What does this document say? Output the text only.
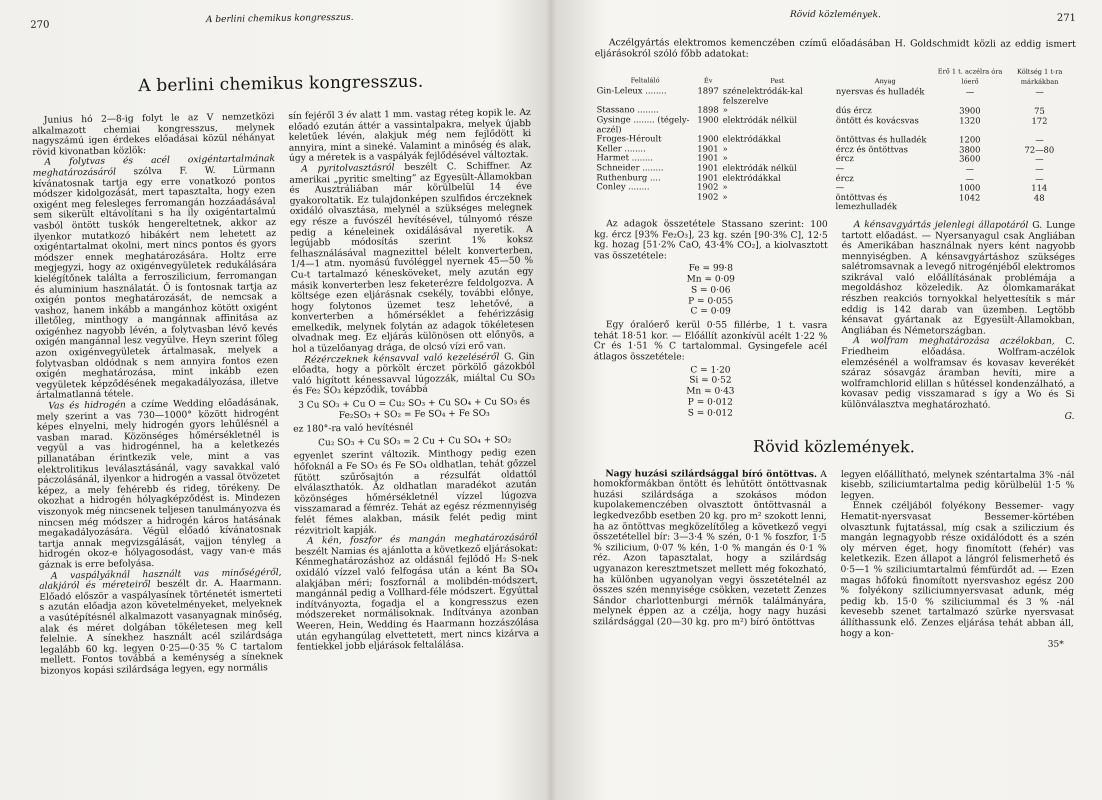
270
A berlini chemikus kongresszus.
A berlini chemikus kongresszus.

Junius hó 2—8-ig folyt le az V nemzetközi alkalmazott chemiai kongresszus, melynek nagyszámú igen érdekes előadásai közül néhányat rövid kivonatban közlök:

A folytvas és acél oxigéntartalmának meghatározásáról szólva F. W. Lürmann kívánatosnak tartja egy erre vonatkozó pontos módszer kidolgozását, mert tapasztalta, hogy ezen oxigént meg felesleges ferromangán hozzáadásával sem sikerült eltávolítani s ha ily oxigéntartalmú vasból öntött tuskók hengereltetnek, akkor az ilyenkor mutatkozó hibákért nem lehetett az oxigéntartalmat okolni, mert nincs pontos és gyors módszer ennek meghatározására. Holtz erre megjegyzi, hogy az oxigénvegyületek redukálására kielégítőnek találta a ferroszilicium, ferromangan és aluminium használatát. Ő is fontosnak tartja az oxigén pontos meghatározását, de nemcsak a vashoz, hanem inkább a mangánhoz kötött oxigént illetőleg, minthogy a mangánnak affinitása az oxigénhez nagyobb lévén, a folytvasban lévő kevés oxigén mangánnal lesz vegyülve. Heyn szerint főleg azon oxigénvegyületek ártalmasak, melyek a folytvasban oldódnak s nem annyira fontos ezen oxigén meghatározása, mint inkább ezen vegyületek képződésének megakadályozása, illetve ártalmatlanná tétele.

Vas és hidrogén a czíme Wedding előadásának, mely szerint a vas 730—1000° között hidrogént képes elnyelni, mely hidrogén gyors lehűlésnél a vasban marad. Közönséges hőmérsékletnél is vegyül a vas hidrogénnel, ha a keletkezés pillanatában érintkezik vele, mint a vas elektrolitikus leválasztásánál, vagy savakkal való páczolásánál, ilyenkor a hidrogén a vassal ötvözetet képez, a mely fehérebb és rideg, törékeny. De okozhat a hidrogén hólyagképződést is. Mindezen viszonyok még nincsenek teljesen tanulmányozva és nincsen még módszer a hidrogén káros hatásának megakadályozására. Végül előadó kívánatosnak tartja annak megvizsgálását, vajjon tényleg a hidrogén okoz-e hólyagosodást, vagy van-e más gáznak is erre befolyása.

A vaspályáknál használt vas minőségéről, alakjáról és méreteiről beszélt dr. A. Haarmann. Előadó először a vaspályasínek történetét ismerteti s azután előadja azon követelményeket, melyeknek a vasútépítésnél alkalmazott vasanyagnak minőség, alak és méret dolgában tökéletesen meg kell felelnie. A sínekhez használt acél szilárdsága legalább 60 kg. legyen 0·25—0·35 % C tartalom mellett. Fontos továbbá a keménység a síneknek bizonyos kopási szilárdsága legyen, egy normális

sín fejéről 3 év alatt 1 mm. vastag réteg kopik le. Az előadó ezután áttér a vassintalpakra, melyek újabb keletűek lévén, alakjuk még nem fejlődött ki annyira, mint a sineké. Valamint a minőség és alak, úgy a méretek is a vaspályák fejlődésével változtak.

A pyritolvasztásról beszélt C. Schiffner. Az amerikai „pyritic smelting” az Egyesült-Államokban és Ausztráliában már körülbelül 14 éve gyakoroltatik. Ez tulajdonképen szulfidos érczeknek oxidáló olvasztása, melynél a szükséges melegnek egy része a fuvószél hevítésével, túlnyomó része pedig a kéneleinek oxidálásával nyeretik. A legújabb módosítás szerint 1% koksz felhasználásával magnezittel bélelt konverterben, 1/4—1 atm. nyomású fuvóléggel nyernek 45—50 % Cu-t tartalmazó kénesköveket, mely azután egy másik konverterben lesz feketerézre feldolgozva. A költsége ezen eljárásnak csekély, további előnye, hogy folytonos üzemet tesz lehetővé, a konverterben a hőmérséklet a fehérizzásig emelkedik, melynek folytán az adagok tökéletesen olvadnak meg. Ez eljárás különösen ott előnyös, a hol a tüzelőanyag drága, de olcsó vízi erő van.

Rézérczeknek kénsavval való kezeléséről G. Gin előadta, hogy a pörkölt érczet pörkölő gázokból való higított kénessavval lúgozzák, miáltal Cu SO₃ és Fe₂ SO₃ képződik, továbbá

3 Cu SO₃ + Cu O = Cu₂ SO₃ + Cu SO₄ + Cu SO₃ és Fe₂SO₃ + SO₂ = Fe SO₄ + Fe SO₃

ez 180°-ra való hevítésnél

Cu₂ SO₃ + Cu SO₃ = 2 Cu + Cu SO₄ + SO₂

egyenlet szerint változik. Minthogy pedig ezen hőfoknál a Fe SO₃ és Fe SO₄ oldhatlan, tehát gőzzel fűtött szűrősajtón a rézsulfát oldattól elválaszthatók. Az oldhatlan maradékot azután közönséges hőmérsékletnél vízzel lúgozva visszamarad a fémréz. Tehát az egész rézmennyiség felét fémes alakban, másik felét pedig mint rézvitriolt kapják.

A kén, foszfor és mangán meghatározásáról beszélt Namias és ajánlotta a következő eljárásokat: Kénmeghatározáshoz az oldásnál fejlődő H₂ S-nek oxidáló vízzel való felfogása után a ként Ba SO₄ alakjában méri; foszfornál a molibdén-módszert, mangánnál pedig a Vollhard-féle módszert. Egyúttal indítványozta, fogadja el a kongresszus ezen módszereket normálisoknak. Indítványa azonban Weeren, Hein, Wedding és Haarmann hozzászólása után egyhangúlag elvettetett, mert nincs kizárva a fentiekkel jobb eljárások feltalálása.

Rövid közlemények.	271
Aczélgyártás elektromos kemenczében czímű előadásában H. Goldschmidt közli az eddig ismert eljárásokról szóló főbb adatokat:
Feltaláló	Év	Pest	Anyag	Erő 1 t. aczélra óra lóerő	Költség 1 t-ra márkákban
Gin-Leleux ........	1897	szénelektródák-kal felszerelve	nyersvas és hulladék	—	—
Stassano ........	1898	»	dús ércz	3900	75
Gysinge ........ (tégely-aczél)	1900	elektródák nélkül	öntött és kovácsvas	1320	172
Froges-Héroult	1900	elektródákkal	öntöttvas és hulladék	1200	—
Keller ........	1901	»	ércz és öntöttvas	3800	72—80
Harmet ........	1901	»	ércz	3600	—
Schneider ........	1901	elektródák nélkül	—	—	—
Ruthenburg ....	1901	elektródákkal	ércz	—	—
Conley ........	1902	»	—	1000	114
	1902	»	öntöttvas és lemezhulladék	1042	48

Az adagok összetétele Stassano szerint: 100 kg. ércz [93% Fe₂O₃], 23 kg. szén [90·3% C], 12·5 kg. hozag [51·2% CaO, 43·4% CO₂], a kiolvasztott vas összetétele:

Fe = 99·8
Mn = 0·09
S = 0·06
P = 0·055
C = 0·09

Egy óralóerő kerül 0·55 fillérbe, 1 t. vasra tehát 18·51 kor. — Előállít azonkívül acélt 1·22 % Cr és 1·51 % C tartalommal. Gysingefele acél átlagos összetétele:

C = 1·20
Si = 0·52
Mn = 0·43
P = 0·012
S = 0·012

A kénsavgyártás jelenlegi állapotáról G. Lunge tartott előadást. — Nyersanyagul csak Angliában és Amerikában használnak nyers ként nagyobb mennyiségben. A kénsavgyártáshoz szükséges salétromsavnak a levegő nitrogénjéből elektromos szikrával való előállításának problémája a megoldáshoz közeledik. Az ólomkamarákat részben reakciós tornyokkal helyettesítik s már eddig is 142 darab van üzemben. Legtöbb kénsavat gyártanak az Egyesült-Államokban, Angliában és Németországban.

A wolfram meghatározása aczélokban, C. Friedheim előadása. Wolfram-aczélok elemzésénél a wolframsav és kovasav keverékét száraz sósavgáz áramban hevíti, mire a wolframchlorid elillan s hűtéssel kondenzálható, a kovasav pedig visszamarad s így a Wo és Si különválasztva meghatározható.

G.
Rövid közlemények.

Nagy huzási szilárdsággal bíró öntöttvas. A homokformákban öntött és lehűtött öntöttvasnak huzási szilárdsága a szokásos módon kupolakemenczében olvasztott öntöttvasnál a legkedvezőbb esetben 20 kg. pro m² szokott lenni, ha az öntöttvas megközelítőleg a következő vegyi összetétellel bír: 3—3·4 % szén, 0·1 % foszfor, 1·5 % szilicium, 0·07 % kén, 1·0 % mangán és 0·1 % réz. Azon tapasztalat, hogy a szilárdság ugyanazon keresztmetszet mellett még fokozható, ha különben ugyanolyan vegyi összetételnél az összes szén mennyisége csökken, vezetett Zenzes Sándor charlottenburgi mérnök találmányára, melynek éppen az a czélja, hogy nagy huzási szilárdsággal (20—30 kg. pro m²) bíró öntöttvas

legyen előállítható, melynek széntartalma 3% -nál kisebb, sziliciumtartalma pedig körülbelül 1·5 % legyen.

Ennek czéljából folyékony Bessemer- vagy Hematit-nyersvasat Bessemer-körtében olvasztunk fujtatással, míg csak a sziliczium és mangán legnagyobb része oxidálódott és a szén oly mérven éget, hogy finomított (fehér) vas keletkezik. Ezen állapot a lángról felismerhető és 0·5—1 % sziliciumtartalmú fémfürdőt ad. — Ezen magas hőfokú finomított nyersvashoz egész 200 % folyékony sziliciumnyersvasat adunk, még pedig kb. 15·0 % sziliciummal és 3 % -nál kevesebb szenet tartalmazó szürke nyersvasat állíthassunk elő. Zenzes eljárása tehát abban áll, hogy a kon-

35*
